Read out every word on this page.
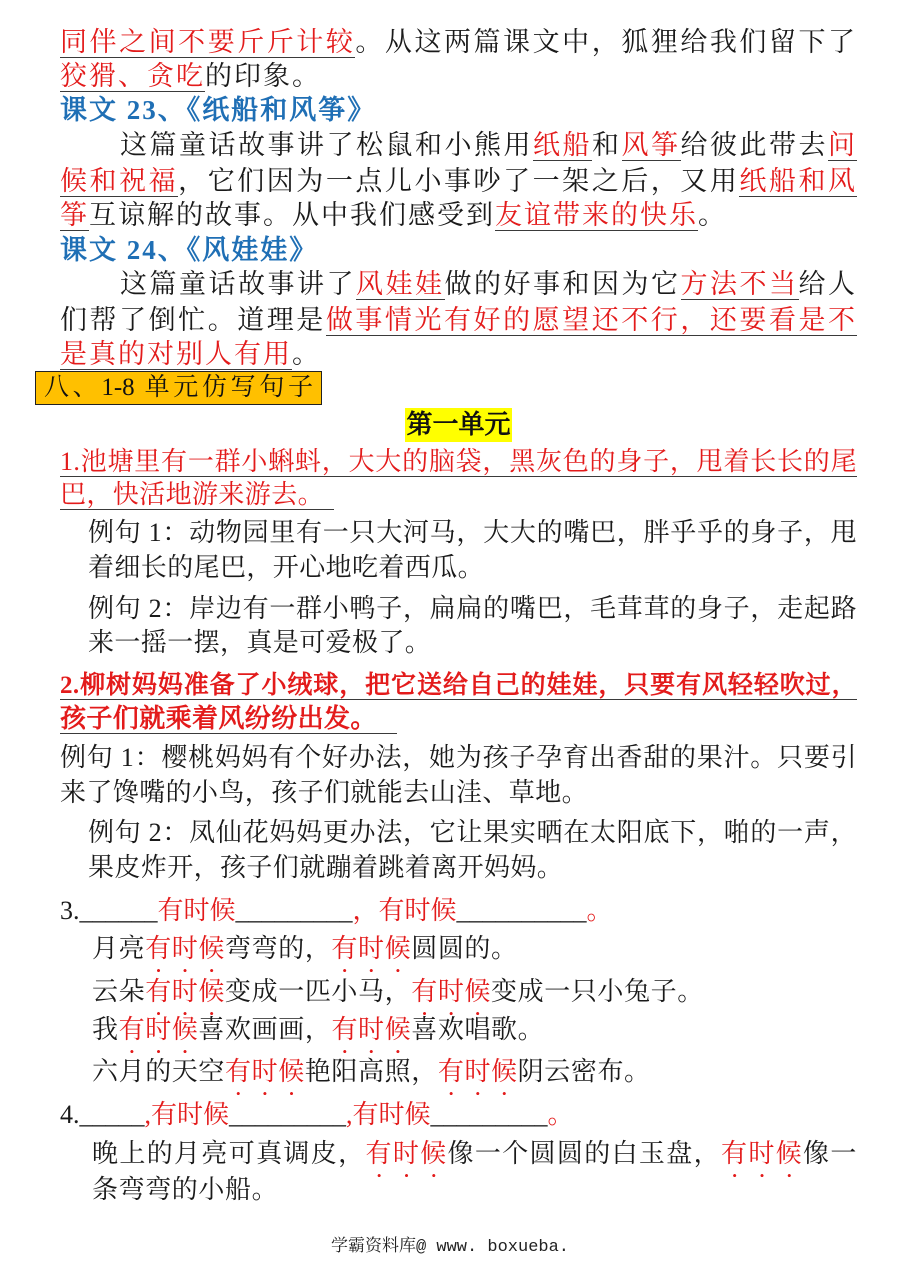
同伴之间不要斤斤计较。从这两篇课文中，狐狸给我们留下了
狡猾、贪吃的印象。
课文 23、《纸船和风筝》
这篇童话故事讲了松鼠和小熊用纸船和风筝给彼此带去问
候和祝福，它们因为一点儿小事吵了一架之后，又用纸船和风
筝互谅解的故事。从中我们感受到友谊带来的快乐。
课文 24、《风娃娃》
这篇童话故事讲了风娃娃做的好事和因为它方法不当给人
们帮了倒忙。道理是做事情光有好的愿望还不行，还要看是不
是真的对别人有用。
八、1-8 单元仿写句子
第一单元
1.池塘里有一群小蝌蚪，大大的脑袋，黑灰色的身子，甩着长长的尾
巴，快活地游来游去。
例句 1：动物园里有一只大河马，大大的嘴巴，胖乎乎的身子，甩
着细长的尾巴，开心地吃着西瓜。
例句 2：岸边有一群小鸭子，扁扁的嘴巴，毛茸茸的身子，走起路
来一摇一摆，真是可爱极了。
2.柳树妈妈准备了小绒球，把它送给自己的娃娃，只要有风轻轻吹过，
孩子们就乘着风纷纷出发。
例句 1：樱桃妈妈有个好办法，她为孩子孕育出香甜的果汁。只要引
来了馋嘴的小鸟，孩子们就能去山洼、草地。
例句 2：凤仙花妈妈更办法，它让果实晒在太阳底下，啪的一声，
果皮炸开，孩子们就蹦着跳着离开妈妈。
3.______有时候_________，有时候__________。
月亮有时候弯弯的，有时候圆圆的。
云朵有时候变成一匹小马，有时候变成一只小兔子。
我有时候喜欢画画，有时候喜欢唱歌。
六月的天空有时候艳阳高照，有时候阴云密布。
4._____,有时候_________,有时候_________。
晚上的月亮可真调皮，有时候像一个圆圆的白玉盘，有时候像一
条弯弯的小船。
学霸资料库@ www. boxueba.
